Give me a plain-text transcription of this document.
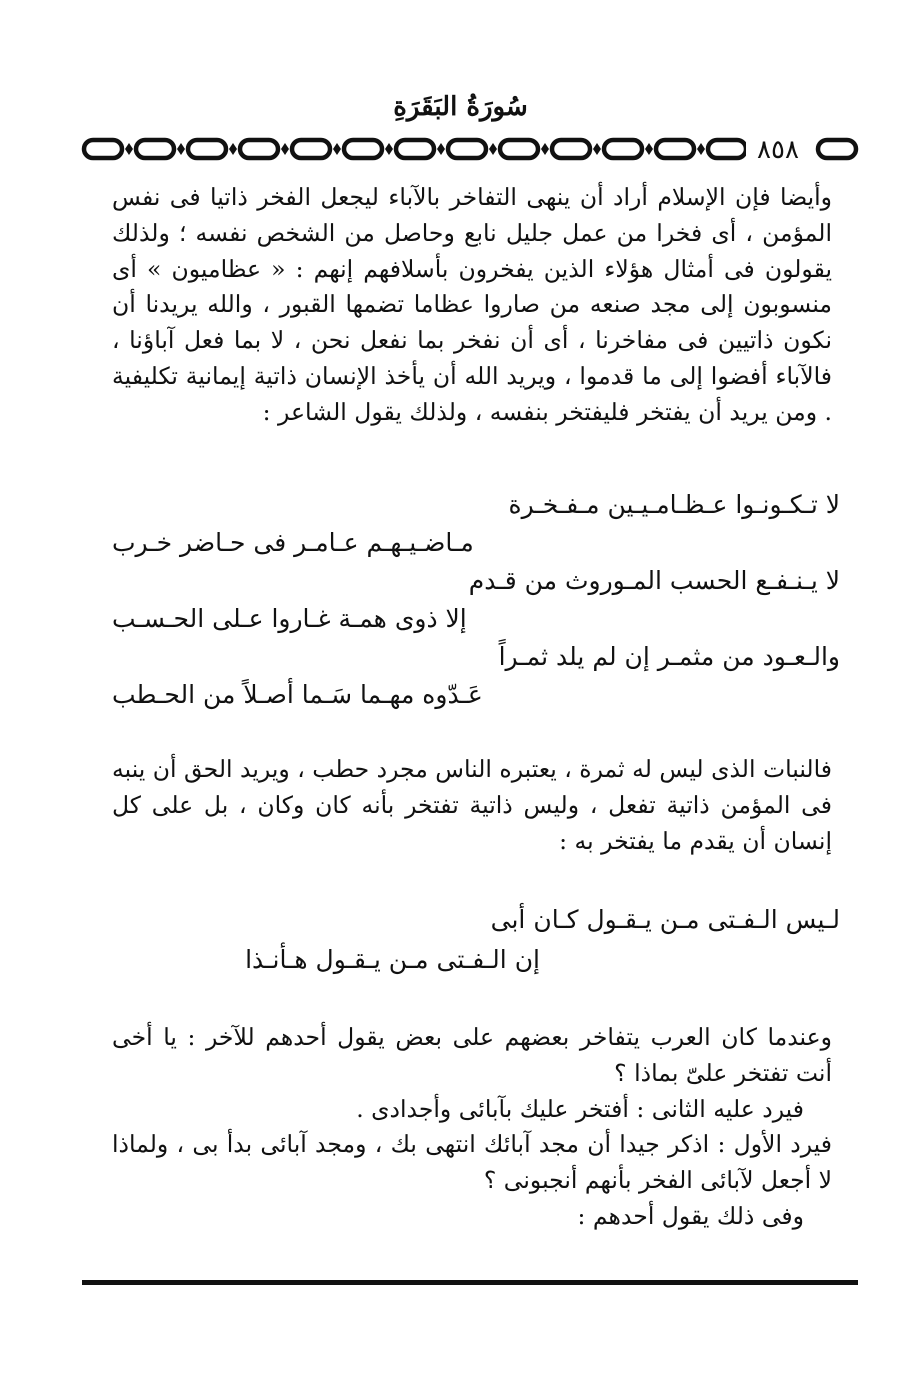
سُورَةُ البَقَرَةِ
٨٥٨
وأيضا فإن الإسلام أراد أن ينهى التفاخر بالآباء ليجعل الفخر ذاتيا فى نفس المؤمن ، أى فخرا من عمل جليل نابع وحاصل من الشخص نفسه ؛ ولذلك يقولون فى أمثال هؤلاء الذين يفخرون بأسلافهم إنهم : « عظاميون » أى منسوبون إلى مجد صنعه من صاروا عظاما تضمها القبور ، والله يريدنا أن نكون ذاتيين فى مفاخرنا ، أى أن نفخر بما نفعل نحن ، لا بما فعل آباؤنا ، فالآباء أفضوا إلى ما قدموا ، ويريد الله أن يأخذ الإنسان ذاتية إيمانية تكليفية . ومن يريد أن يفتخر فليفتخر بنفسه ، ولذلك يقول الشاعر :
لا تـكـونـوا عـظـامـيـين مـفـخـرة
مـاضـيـهـم عـامـر فى حـاضر خـرب
لا يـنـفـع الحسب المـوروث من قـدم
إلا ذوى همـة غـاروا عـلى الحـسـب
والـعـود من مثمـر إن لم يلد ثمـراً
عَـدّوه مهـما سَـما أصـلاً من الحـطب
فالنبات الذى ليس له ثمرة ، يعتبره الناس مجرد حطب ، ويريد الحق أن ينبه فى المؤمن ذاتية تفعل ، وليس ذاتية تفتخر بأنه كان وكان ، بل على كل إنسان أن يقدم ما يفتخر به :
لـيس الـفـتى مـن يـقـول كـان أبى
إن الـفـتى مـن يـقـول هـأنـذا
وعندما كان العرب يتفاخر بعضهم على بعض يقول أحدهم للآخر : يا أخى أنت تفتخر علىّ بماذا ؟
فيرد عليه الثانى : أفتخر عليك بآبائى وأجدادى .
فيرد الأول : اذكر جيدا أن مجد آبائك انتهى بك ، ومجد آبائى بدأ بى ، ولماذا لا أجعل لآبائى الفخر بأنهم أنجبونى ؟
وفى ذلك يقول أحدهم :
